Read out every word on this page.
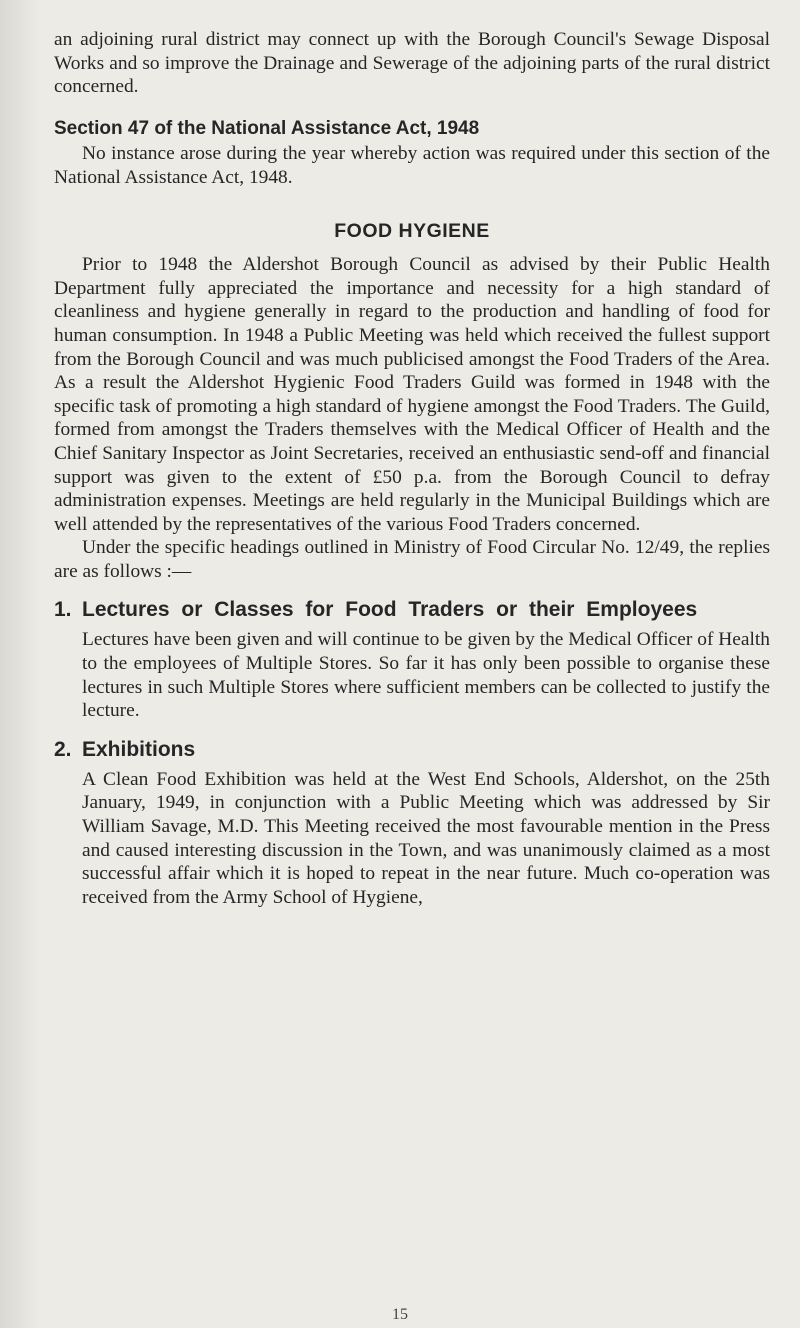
an adjoining rural district may connect up with the Borough Council's Sewage Disposal Works and so improve the Drainage and Sewerage of the adjoining parts of the rural district concerned.

Section 47 of the National Assistance Act, 1948

No instance arose during the year whereby action was required under this section of the National Assistance Act, 1948.

FOOD HYGIENE

Prior to 1948 the Aldershot Borough Council as advised by their Public Health Department fully appreciated the importance and necessity for a high standard of cleanliness and hygiene generally in regard to the production and handling of food for human consumption. In 1948 a Public Meeting was held which received the fullest support from the Borough Council and was much publicised amongst the Food Traders of the Area. As a result the Aldershot Hygienic Food Traders Guild was formed in 1948 with the specific task of promoting a high standard of hygiene amongst the Food Traders. The Guild, formed from amongst the Traders themselves with the Medical Officer of Health and the Chief Sanitary Inspector as Joint Secretaries, received an enthusiastic send-off and financial support was given to the extent of £50 p.a. from the Borough Council to defray administration expenses. Meetings are held regularly in the Municipal Buildings which are well attended by the representatives of the various Food Traders concerned.

Under the specific headings outlined in Ministry of Food Circular No. 12/49, the replies are as follows :—

1. Lectures or Classes for Food Traders or their Employees

Lectures have been given and will continue to be given by the Medical Officer of Health to the employees of Multiple Stores. So far it has only been possible to organise these lectures in such Multiple Stores where sufficient members can be collected to justify the lecture.

2. Exhibitions

A Clean Food Exhibition was held at the West End Schools, Aldershot, on the 25th January, 1949, in conjunction with a Public Meeting which was addressed by Sir William Savage, M.D. This Meeting received the most favourable mention in the Press and caused interesting discussion in the Town, and was unanimously claimed as a most successful affair which it is hoped to repeat in the near future. Much co-operation was received from the Army School of Hygiene,

15
